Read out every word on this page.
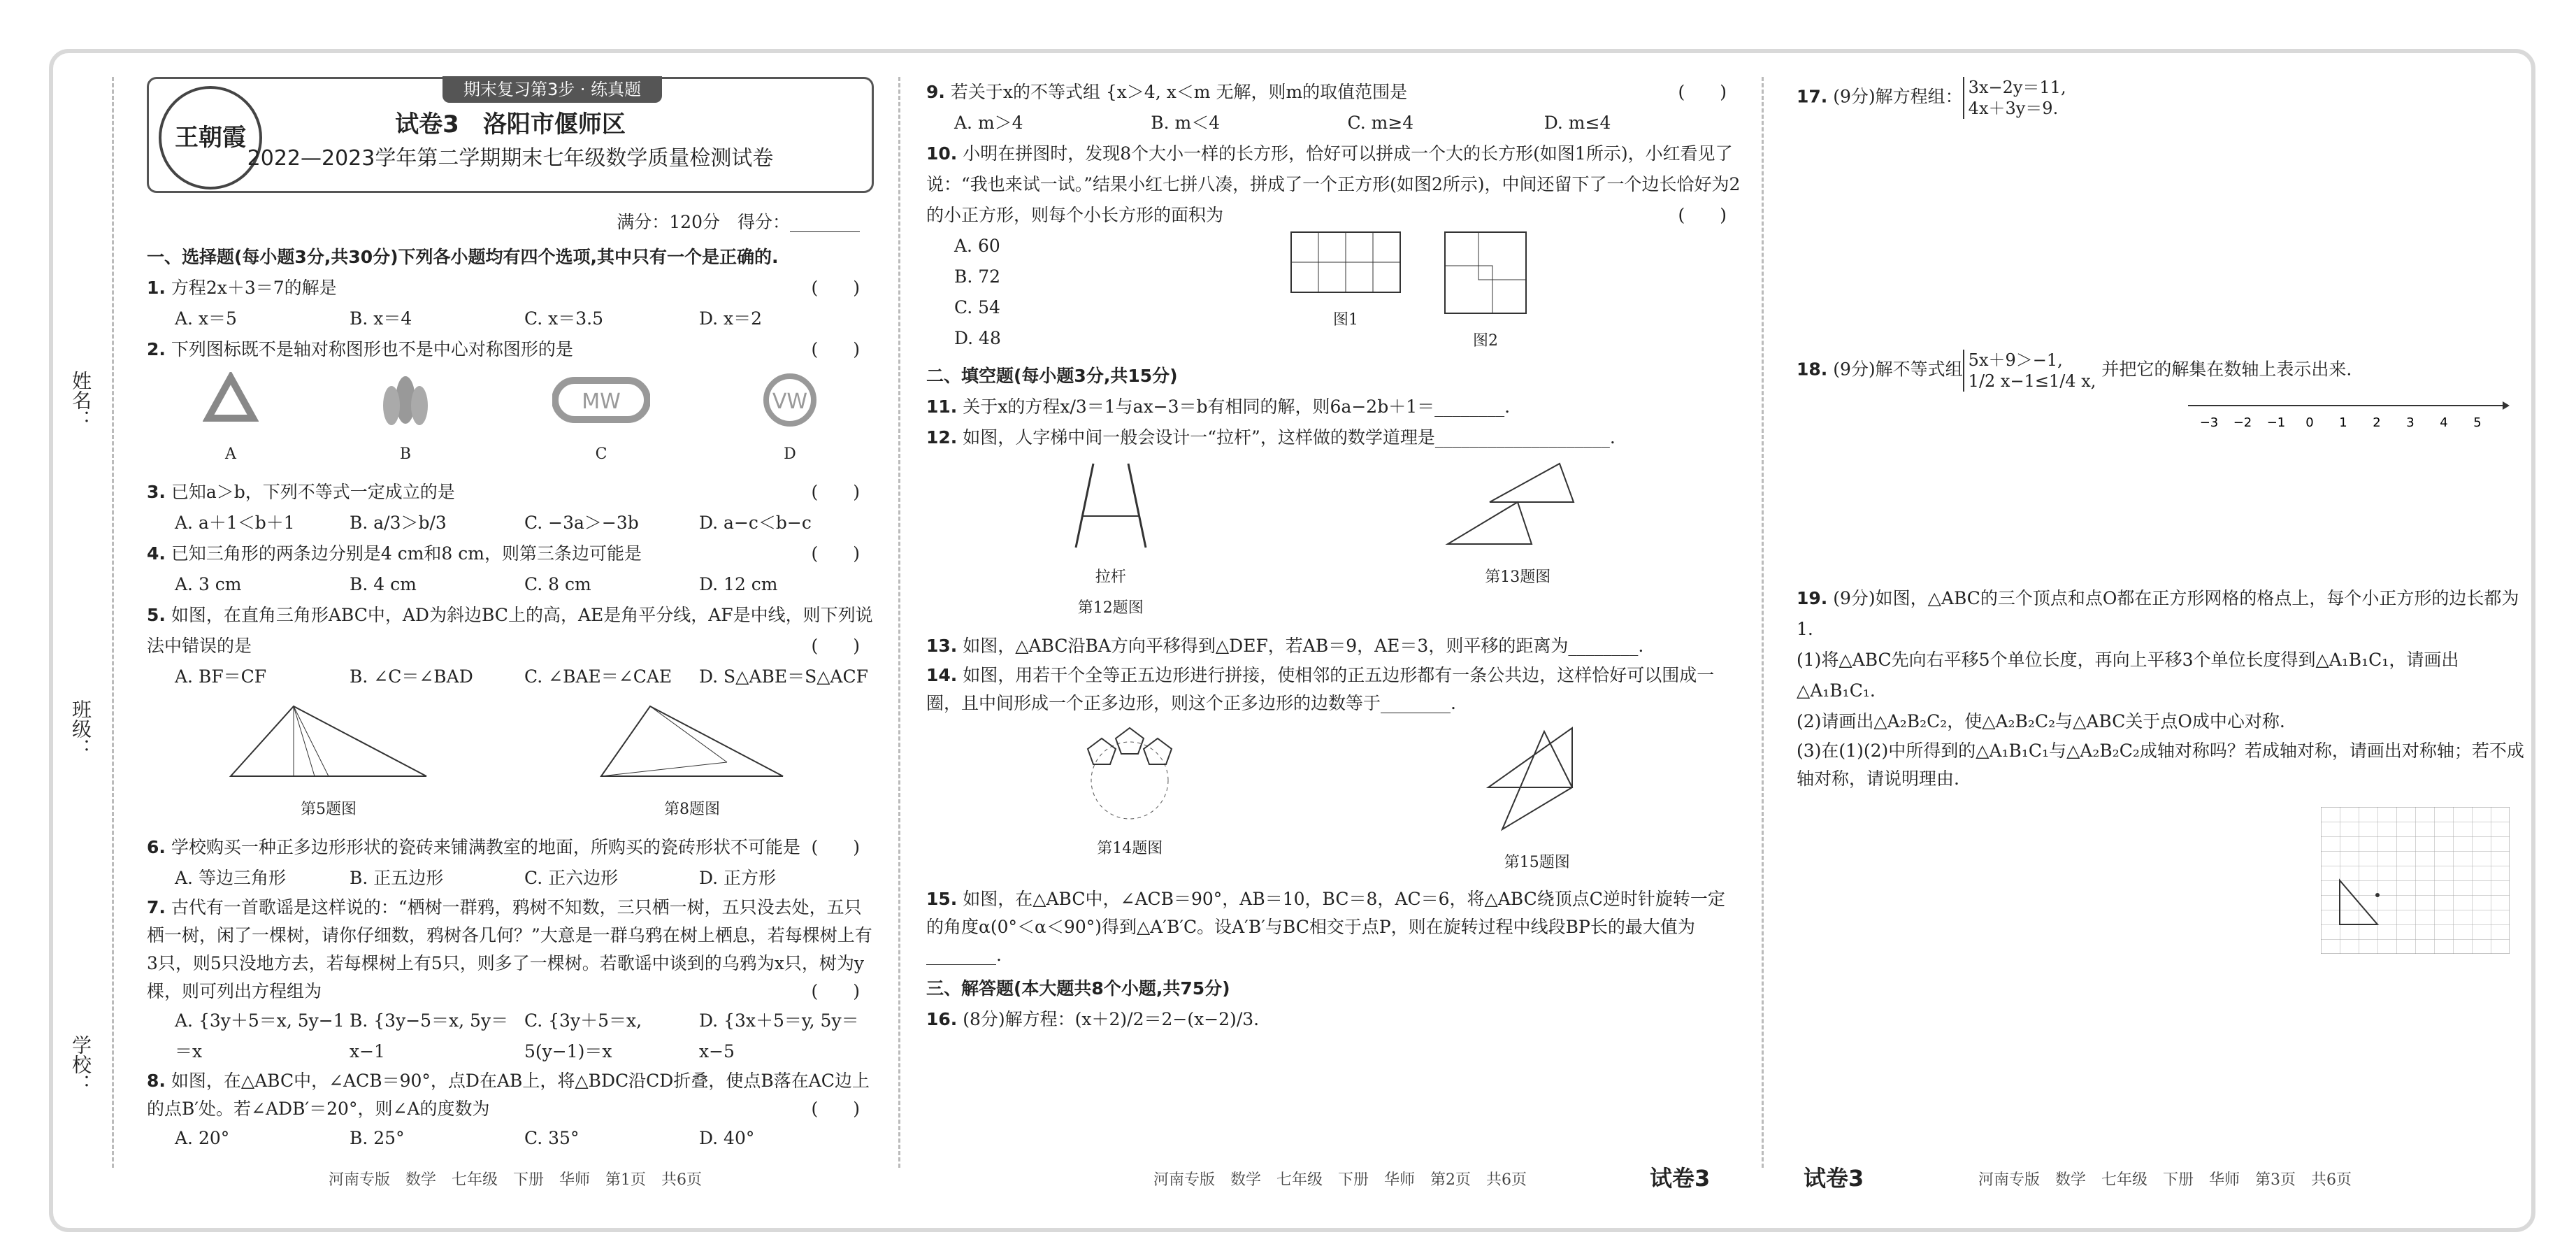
姓名：
班级：
学校：
王朝霞
期末复习第3步 · 练真题
试卷3　洛阳市偃师区
2022—2023学年第二学期期末七年级数学质量检测试卷
满分：120分　得分：________
一、选择题(每小题3分,共30分)下列各小题均有四个选项,其中只有一个是正确的.
1. 方程2x＋3＝7的解是	(　　)
A. x＝5	B. x＝4	C. x＝3.5	D. x＝2
2. 下列图标既不是轴对称图形也不是中心对称图形的是	(　　)
A	B
MW
C
VW
D
3. 已知a＞b，下列不等式一定成立的是	(　　)
A. a＋1＜b＋1	B. a/3＞b/3	C. −3a＞−3b	D. a−c＜b−c
4. 已知三角形的两条边分别是4 cm和8 cm，则第三条边可能是	(　　)
A. 3 cm	B. 4 cm	C. 8 cm	D. 12 cm
5. 如图，在直角三角形ABC中，AD为斜边BC上的高，AE是角平分线，AF是中线，则下列说法中错误的是	(　　)
A. BF＝CF	B. ∠C＝∠BAD	C. ∠BAE＝∠CAE	D. S△ABE＝S△ACF
第5题图	第8题图
6. 学校购买一种正多边形形状的瓷砖来铺满教室的地面，所购买的瓷砖形状不可能是 (　　)
A. 等边三角形	B. 正五边形	C. 正六边形	D. 正方形
7. 古代有一首歌谣是这样说的：“栖树一群鸦，鸦树不知数，三只栖一树，五只没去处，五只栖一树，闲了一棵树，请你仔细数，鸦树各几何？”大意是一群乌鸦在树上栖息，若每棵树上有3只，则5只没地方去，若每棵树上有5只，则多了一棵树。若歌谣中谈到的乌鸦为x只，树为y棵，则可列出方程组为	(　　)
A. {3y＋5＝x, 5y−1＝x
B. {3y−5＝x, 5y＝x−1
C. {3y＋5＝x, 5(y−1)＝x
D. {3x＋5＝y, 5y＝x−5
8. 如图，在△ABC中，∠ACB＝90°，点D在AB上，将△BDC沿CD折叠，使点B落在AC边上的点B′处。若∠ADB′＝20°，则∠A的度数为	(　　)
A. 20°	B. 25°	C. 35°	D. 40°
9. 若关于x的不等式组 {x＞4, x＜m 无解，则m的取值范围是	(　　)
A. m＞4	B. m＜4	C. m≥4	D. m≤4
10. 小明在拼图时，发现8个大小一样的长方形，恰好可以拼成一个大的长方形(如图1所示)，小红看见了说：“我也来试一试。”结果小红七拼八凑，拼成了一个正方形(如图2所示)，中间还留下了一个边长恰好为2的小正方形，则每个小长方形的面积为	(　　)
A. 60
B. 72
C. 54
D. 48
图1
图2
二、填空题(每小题3分,共15分)
11. 关于x的方程x/3＝1与ax−3＝b有相同的解，则6a−2b＋1＝________.
12. 如图，人字梯中间一般会设计一“拉杆”，这样做的数学道理是____________________.
拉杆
第12题图
第13题图
13. 如图，△ABC沿BA方向平移得到△DEF，若AB＝9，AE＝3，则平移的距离为________.
14. 如图，用若干个全等正五边形进行拼接，使相邻的正五边形都有一条公共边，这样恰好可以围成一圈，且中间形成一个正多边形，则这个正多边形的边数等于________.
第14题图
第15题图
15. 如图，在△ABC中，∠ACB＝90°，AB＝10，BC＝8，AC＝6，将△ABC绕顶点C逆时针旋转一定的角度α(0°＜α＜90°)得到△A′B′C。设A′B′与BC相交于点P，则在旋转过程中线段BP长的最大值为________.
三、解答题(本大题共8个小题,共75分)
16. (8分)解方程：(x＋2)/2＝2−(x−2)/3.
17. (9分)解方程组： 3x−2y＝11,
4x＋3y＝9.
18. (9分)解不等式组 5x＋9＞−1,
1/2 x−1≤1/4 x,
并把它的解集在数轴上表示出来.
−3 −2 −1 0 1 2 3 4 5
19. (9分)如图，△ABC的三个顶点和点O都在正方形网格的格点上，每个小正方形的边长都为1.
(1)将△ABC先向右平移5个单位长度，再向上平移3个单位长度得到△A₁B₁C₁，请画出△A₁B₁C₁.
(2)请画出△A₂B₂C₂，使△A₂B₂C₂与△ABC关于点O成中心对称.
(3)在(1)(2)中所得到的△A₁B₁C₁与△A₂B₂C₂成轴对称吗？若成轴对称，请画出对称轴；若不成轴对称，请说明理由.
河南专版　数学　七年级　下册　华师　第1页　共6页	河南专版　数学　七年级　下册　华师　第2页　共6页	试卷3	试卷3	河南专版　数学　七年级　下册　华师　第3页　共6页
